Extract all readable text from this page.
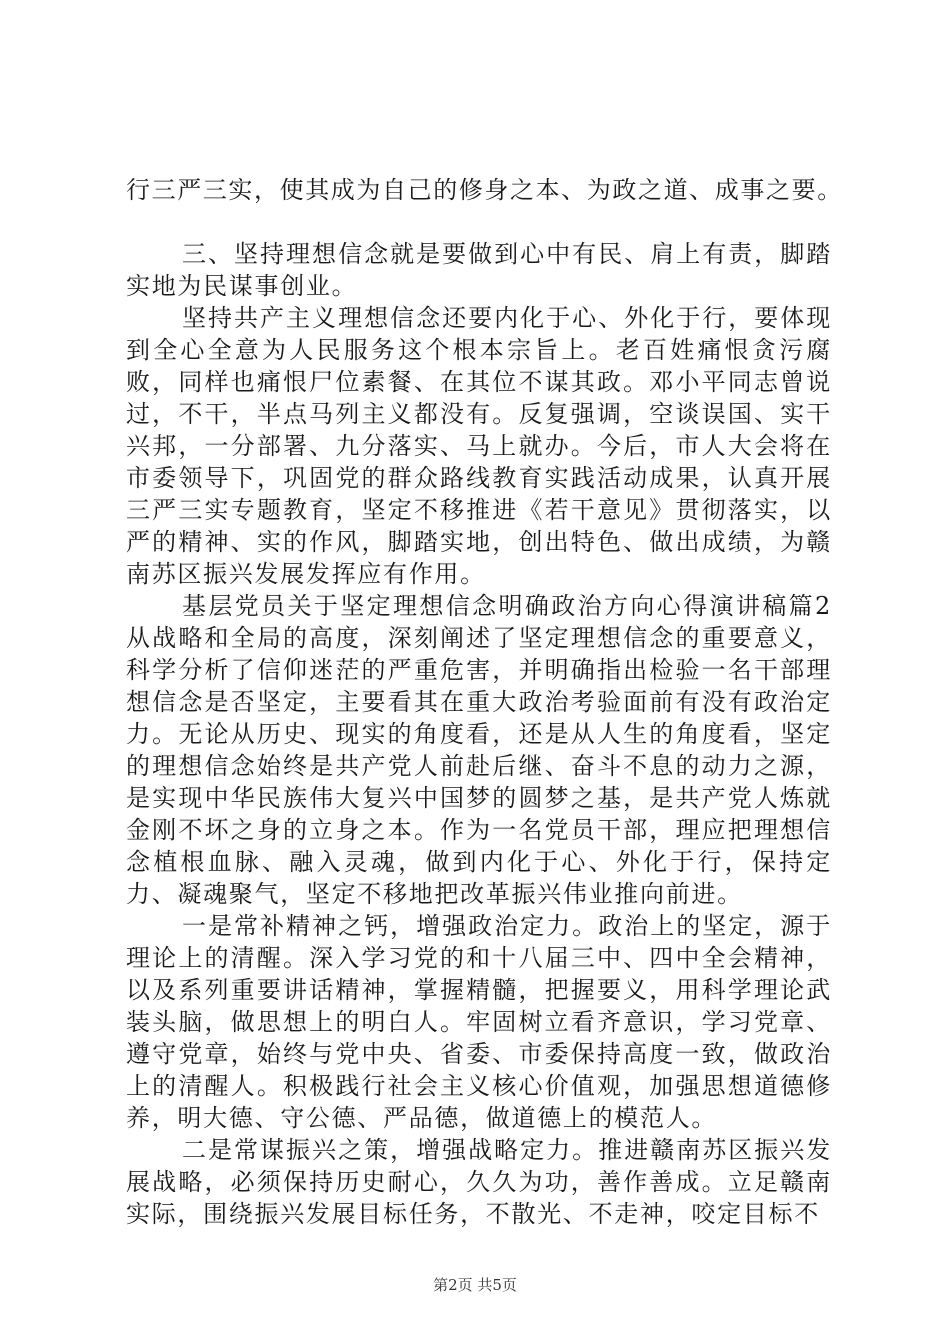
行三严三实，使其成为自己的修身之本、为政之道、成事之要。

三、坚持理想信念就是要做到心中有民、肩上有责，脚踏实地为民谋事创业。

坚持共产主义理想信念还要内化于心、外化于行，要体现到全心全意为人民服务这个根本宗旨上。老百姓痛恨贪污腐败，同样也痛恨尸位素餐、在其位不谋其政。邓小平同志曾说过，不干，半点马列主义都没有。反复强调，空谈误国、实干兴邦，一分部署、九分落实、马上就办。今后，市人大会将在市委领导下，巩固党的群众路线教育实践活动成果，认真开展三严三实专题教育，坚定不移推进《若干意见》贯彻落实，以严的精神、实的作风，脚踏实地，创出特色、做出成绩，为赣南苏区振兴发展发挥应有作用。

基层党员关于坚定理想信念明确政治方向心得演讲稿篇2从战略和全局的高度，深刻阐述了坚定理想信念的重要意义，科学分析了信仰迷茫的严重危害，并明确指出检验一名干部理想信念是否坚定，主要看其在重大政治考验面前有没有政治定力。无论从历史、现实的角度看，还是从人生的角度看，坚定的理想信念始终是共产党人前赴后继、奋斗不息的动力之源，是实现中华民族伟大复兴中国梦的圆梦之基，是共产党人炼就金刚不坏之身的立身之本。作为一名党员干部，理应把理想信念植根血脉、融入灵魂，做到内化于心、外化于行，保持定力、凝魂聚气，坚定不移地把改革振兴伟业推向前进。

一是常补精神之钙，增强政治定力。政治上的坚定，源于理论上的清醒。深入学习党的和十八届三中、四中全会精神，以及系列重要讲话精神，掌握精髓，把握要义，用科学理论武装头脑，做思想上的明白人。牢固树立看齐意识，学习党章、遵守党章，始终与党中央、省委、市委保持高度一致，做政治上的清醒人。积极践行社会主义核心价值观，加强思想道德修养，明大德、守公德、严品德，做道德上的模范人。

二是常谋振兴之策，增强战略定力。推进赣南苏区振兴发展战略，必须保持历史耐心，久久为功，善作善成。立足赣南实际，围绕振兴发展目标任务，不散光、不走神，咬定目标不

第2页 共5页
